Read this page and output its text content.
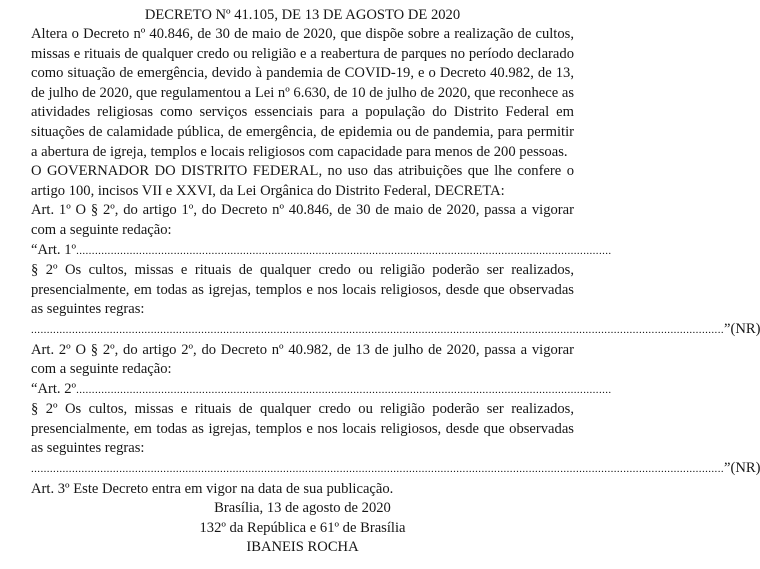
DECRETO Nº 41.105, DE 13 DE AGOSTO DE 2020

Altera o Decreto nº 40.846, de 30 de maio de 2020, que dispõe sobre a realização de cultos, missas e rituais de qualquer credo ou religião e a reabertura de parques no período declarado como situação de emergência, devido à pandemia de COVID-19, e o Decreto 40.982, de 13, de julho de 2020, que regulamentou a Lei nº 6.630, de 10 de julho de 2020, que reconhece as atividades religiosas como serviços essenciais para a população do Distrito Federal em situações de calamidade pública, de emergência, de epidemia ou de pandemia, para permitir a abertura de igreja, templos e locais religiosos com capacidade para menos de 200 pessoas.

O GOVERNADOR DO DISTRITO FEDERAL, no uso das atribuições que lhe confere o artigo 100, incisos VII e XXVI, da Lei Orgânica do Distrito Federal, DECRETA:

Art. 1º O § 2º, do artigo 1º, do Decreto nº 40.846, de 30 de maio de 2020, passa a vigorar com a seguinte redação:

“Art. 1º..........................................................................................................................................................................

§ 2º Os cultos, missas e rituais de qualquer credo ou religião poderão ser realizados, presencialmente, em todas as igrejas, templos e nos locais religiosos, desde que observadas as seguintes regras:

............................................................................................................................................................................................................................ ”(NR)

Art. 2º O § 2º, do artigo 2º, do Decreto nº 40.982, de 13 de julho de 2020, passa a vigorar com a seguinte redação:

“Art. 2º..........................................................................................................................................................................

§ 2º Os cultos, missas e rituais de qualquer credo ou religião poderão ser realizados, presencialmente, em todas as igrejas, templos e nos locais religiosos, desde que observadas as seguintes regras:

............................................................................................................................................................................................................................ ”(NR)

Art. 3º Este Decreto entra em vigor na data de sua publicação.

Brasília, 13 de agosto de 2020

132º da República e 61º de Brasília

IBANEIS ROCHA
